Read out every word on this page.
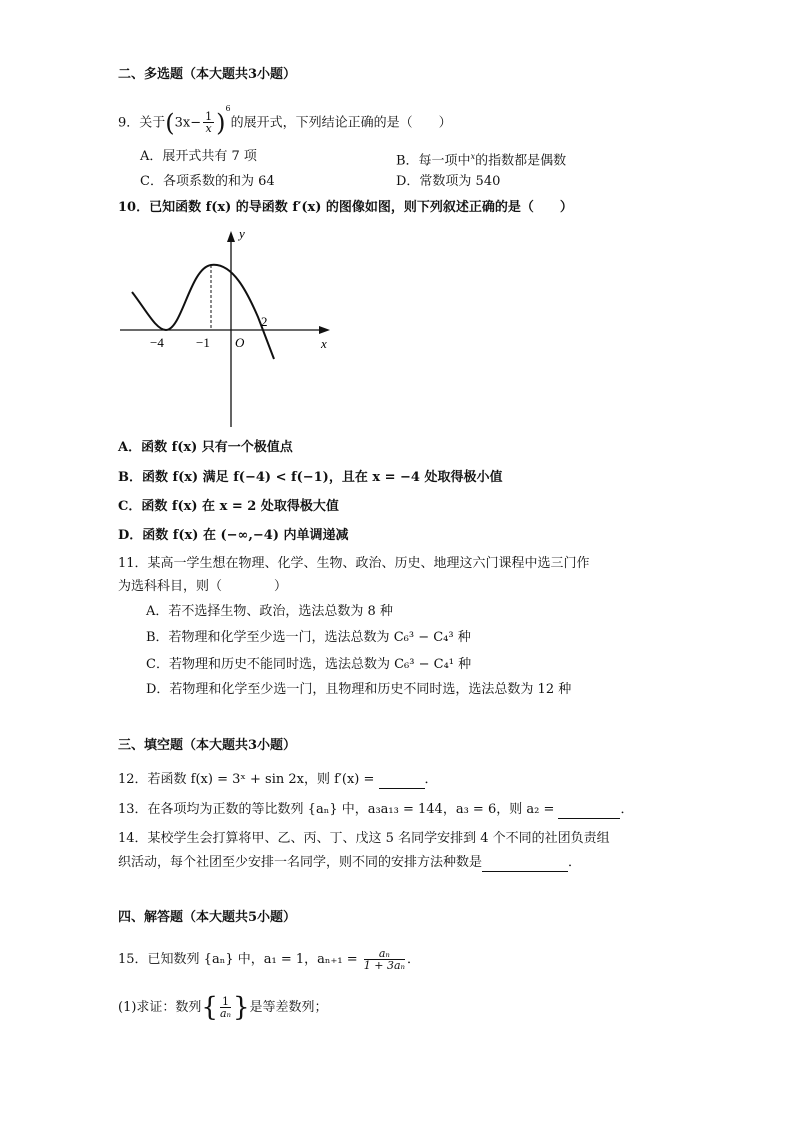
二、多选题（本大题共3小题）
9．关于$(3x- \frac{1}{x} )^6$的展开式，下列结论正确的是（　　）
A．展开式共有 7 项	B．每一项中$^x$的指数都是偶数
C．各项系数的和为 64	D．常数项为 540
10．已知函数 f(x) 的导函数 f′(x) 的图像如图，则下列叙述正确的是（　　）
y
x
O
−4 −1
2
A．函数 f(x) 只有一个极值点
B．函数 f(x) 满足 f(−4) < f(−1)，且在 x = −4 处取得极小值
C．函数 f(x) 在 x = 2 处取得极大值
D．函数 f(x) 在 (−∞,−4) 内单调递减
11．某高一学生想在物理、化学、生物、政治、历史、地理这六门课程中选三门作
为选科科目，则（　　　　）
A．若不选择生物、政治，选法总数为 8 种
B．若物理和化学至少选一门，选法总数为 C₆³ − C₄³ 种
C．若物理和历史不能同时选，选法总数为 C₆³ − C₄¹ 种
D．若物理和化学至少选一门，且物理和历史不同时选，选法总数为 12 种
三、填空题（本大题共3小题）
12．若函数 f(x) = 3ˣ + sin 2x，则 f′(x) =	．
13．在各项均为正数的等比数列 {aₙ} 中，a₃a₁₃ = 144，a₃ = 6，则 a₂ =	．
14．某校学生会打算将甲、乙、丙、丁、戊这 5 名同学安排到 4 个不同的社团负责组
织活动，每个社团至少安排一名同学，则不同的安排方法种数是	．
四、解答题（本大题共5小题）
15．已知数列 {aₙ} 中，a₁ = 1，$a_{n+1} = \frac{\text{aₙ}}{\text{1 + 3aₙ}}$ ．
(1)求证：数列{ $\frac{1}{\text{aₙ}}$ }是等差数列；
